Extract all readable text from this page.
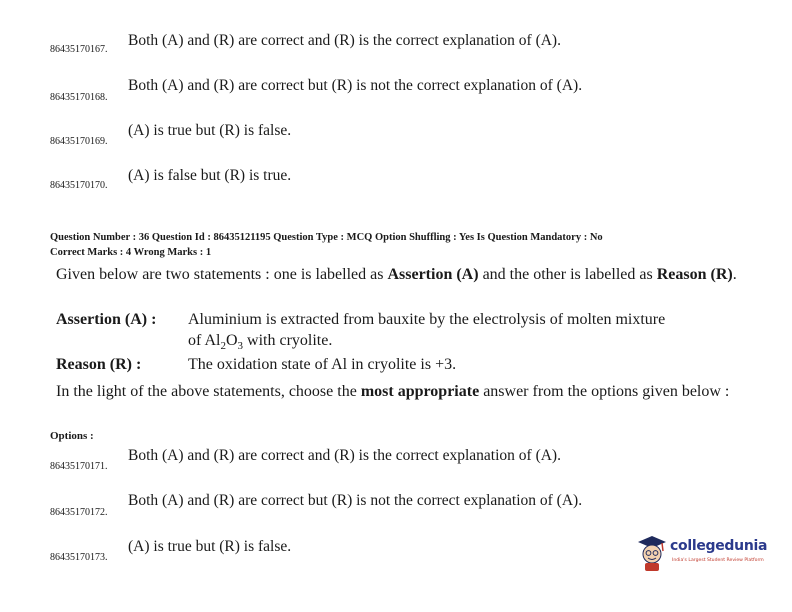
86435170167.
Both (A) and (R) are correct and (R) is the correct explanation of (A).
86435170168.
Both (A) and (R) are correct but (R) is not the correct explanation of (A).
86435170169.
(A) is true but (R) is false.
86435170170.
(A) is false but (R) is true.
Question Number : 36 Question Id : 86435121195 Question Type : MCQ Option Shuffling : Yes Is Question Mandatory : No
Correct Marks : 4 Wrong Marks : 1
Given below are two statements : one is labelled as Assertion (A) and the other is labelled as Reason (R).
Assertion (A) : Aluminium is extracted from bauxite by the electrolysis of molten mixture
of $Al_2O_3$ with cryolite.
Reason (R) :	The oxidation state of Al in cryolite is +3.
In the light of the above statements, choose the most appropriate answer from the options given below :
Options :
86435170171.
Both (A) and (R) are correct and (R) is the correct explanation of (A).
86435170172.
Both (A) and (R) are correct but (R) is not the correct explanation of (A).
86435170173.
(A) is true but (R) is false.	collegedunia
India's Largest Student Review Platform
